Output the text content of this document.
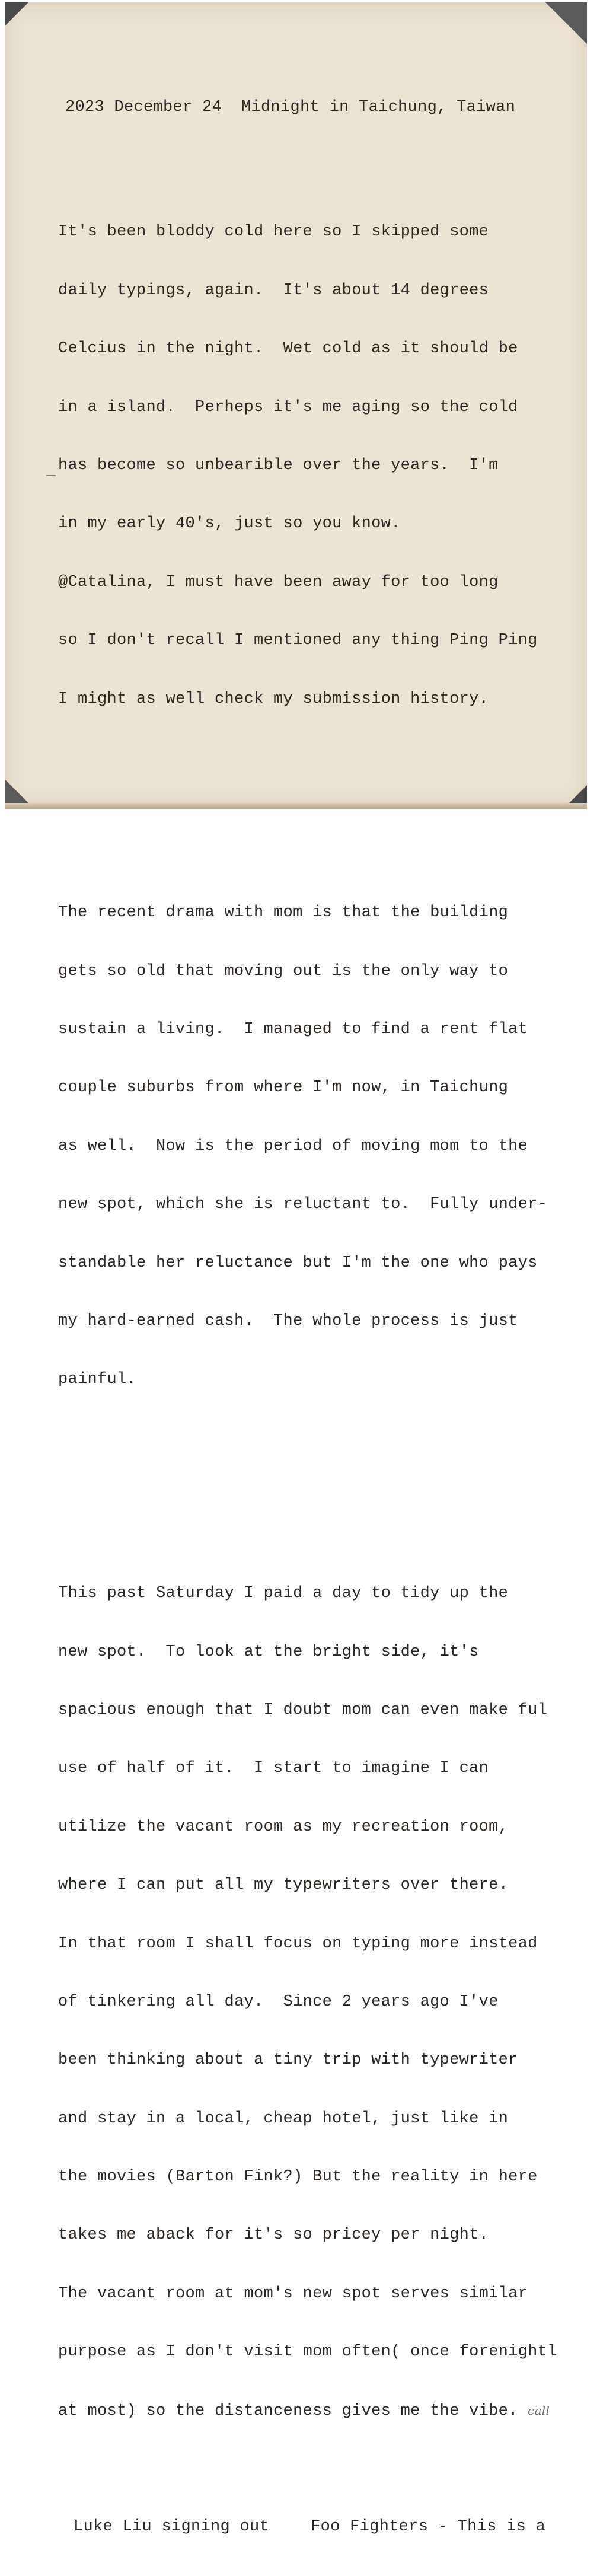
2023 December 24  Midnight in Taichung, Taiwan

It's been bloddy cold here so I skipped some

daily typings, again.  It's about 14 degrees

Celcius in the night.  Wet cold as it should be

in a island.  Perheps it's me aging so the cold

has become so unbearible over the years.  I'm

in my early 40's, just so you know.

@Catalina, I must have been away for too long

so I don't recall I mentioned any thing Ping Ping

I might as well check my submission history.

The recent drama with mom is that the building

gets so old that moving out is the only way to

sustain a living.  I managed to find a rent flat

couple suburbs from where I'm now, in Taichung

as well.  Now is the period of moving mom to the

new spot, which she is reluctant to.  Fully under-

standable her reluctance but I'm the one who pays

my hard-earned cash.  The whole process is just

painful.

This past Saturday I paid a day to tidy up the

new spot.  To look at the bright side, it's

spacious enough that I doubt mom can even make ful

use of half of it.  I start to imagine I can

utilize the vacant room as my recreation room,

where I can put all my typewriters over there.

In that room I shall focus on typing more instead

of tinkering all day.  Since 2 years ago I've

been thinking about a tiny trip with typewriter

and stay in a local, cheap hotel, just like in

the movies (Barton Fink?) But the reality in here

takes me aback for it's so pricey per night.

The vacant room at mom's new spot serves similar

purpose as I don't visit mom often( once forenightl

at most) so the distanceness gives me the vibe. call

Luke Liu signing out	Foo Fighters - This is a
